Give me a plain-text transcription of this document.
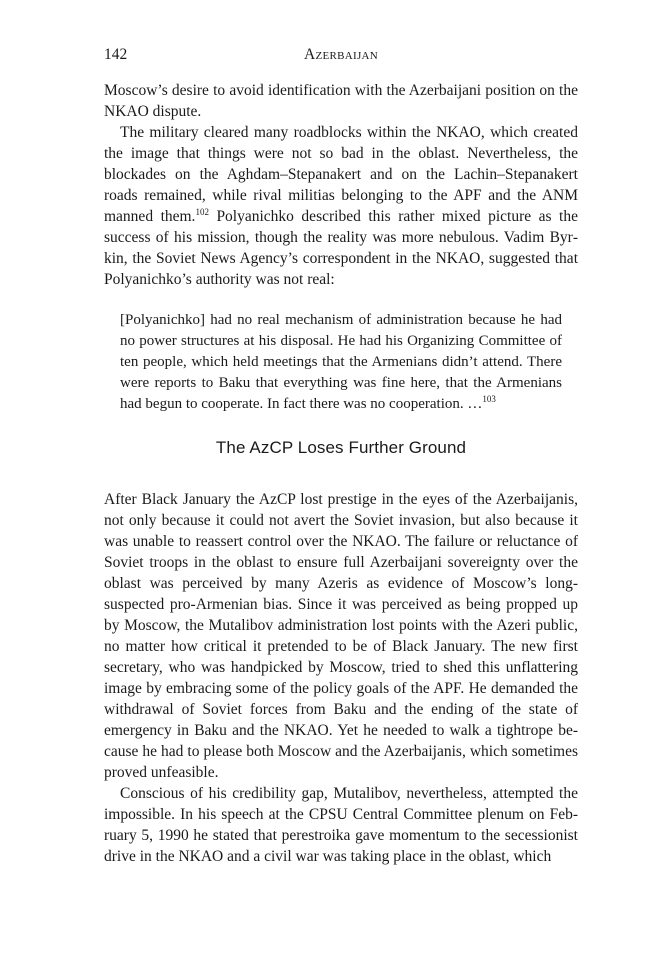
142	Azerbaijan

Moscow’s desire to avoid identification with the Azerbaijani position on the NKAO dispute.

The military cleared many roadblocks within the NKAO, which created the image that things were not so bad in the oblast. Nevertheless, the blockades on the Aghdam–Stepanakert and on the Lachin–Stepanakert roads remained, while rival militias belonging to the APF and the ANM manned them.$^{102}$ Polyanichko described this rather mixed picture as the success of his mission, though the reality was more nebulous. Vadim Byrkin, the Soviet News Agency’s correspondent in the NKAO, suggested that Polyanichko’s authority was not real:

[Polyanichko] had no real mechanism of administration because he had no power structures at his disposal. He had his Organizing Committee of ten people, which held meetings that the Armenians didn’t attend. There were reports to Baku that everything was fine here, that the Armenians had begun to cooperate. In fact there was no cooperation. …$^{103}$

The AzCP Loses Further Ground

After Black January the AzCP lost prestige in the eyes of the Azerbaijanis, not only because it could not avert the Soviet invasion, but also because it was unable to reassert control over the NKAO. The failure or reluctance of Soviet troops in the oblast to ensure full Azerbaijani sovereignty over the oblast was perceived by many Azeris as evidence of Moscow’s long-suspected pro-Armenian bias. Since it was perceived as being propped up by Moscow, the Mutalibov administration lost points with the Azeri public, no matter how critical it pretended to be of Black January. The new first secretary, who was handpicked by Moscow, tried to shed this unflattering image by embracing some of the policy goals of the APF. He demanded the withdrawal of Soviet forces from Baku and the ending of the state of emergency in Baku and the NKAO. Yet he needed to walk a tightrope because he had to please both Moscow and the Azerbaijanis, which sometimes proved unfeasible.

Conscious of his credibility gap, Mutalibov, nevertheless, attempted the impossible. In his speech at the CPSU Central Committee plenum on February 5, 1990 he stated that perestroika gave momentum to the secessionist drive in the NKAO and a civil war was taking place in the oblast, which
